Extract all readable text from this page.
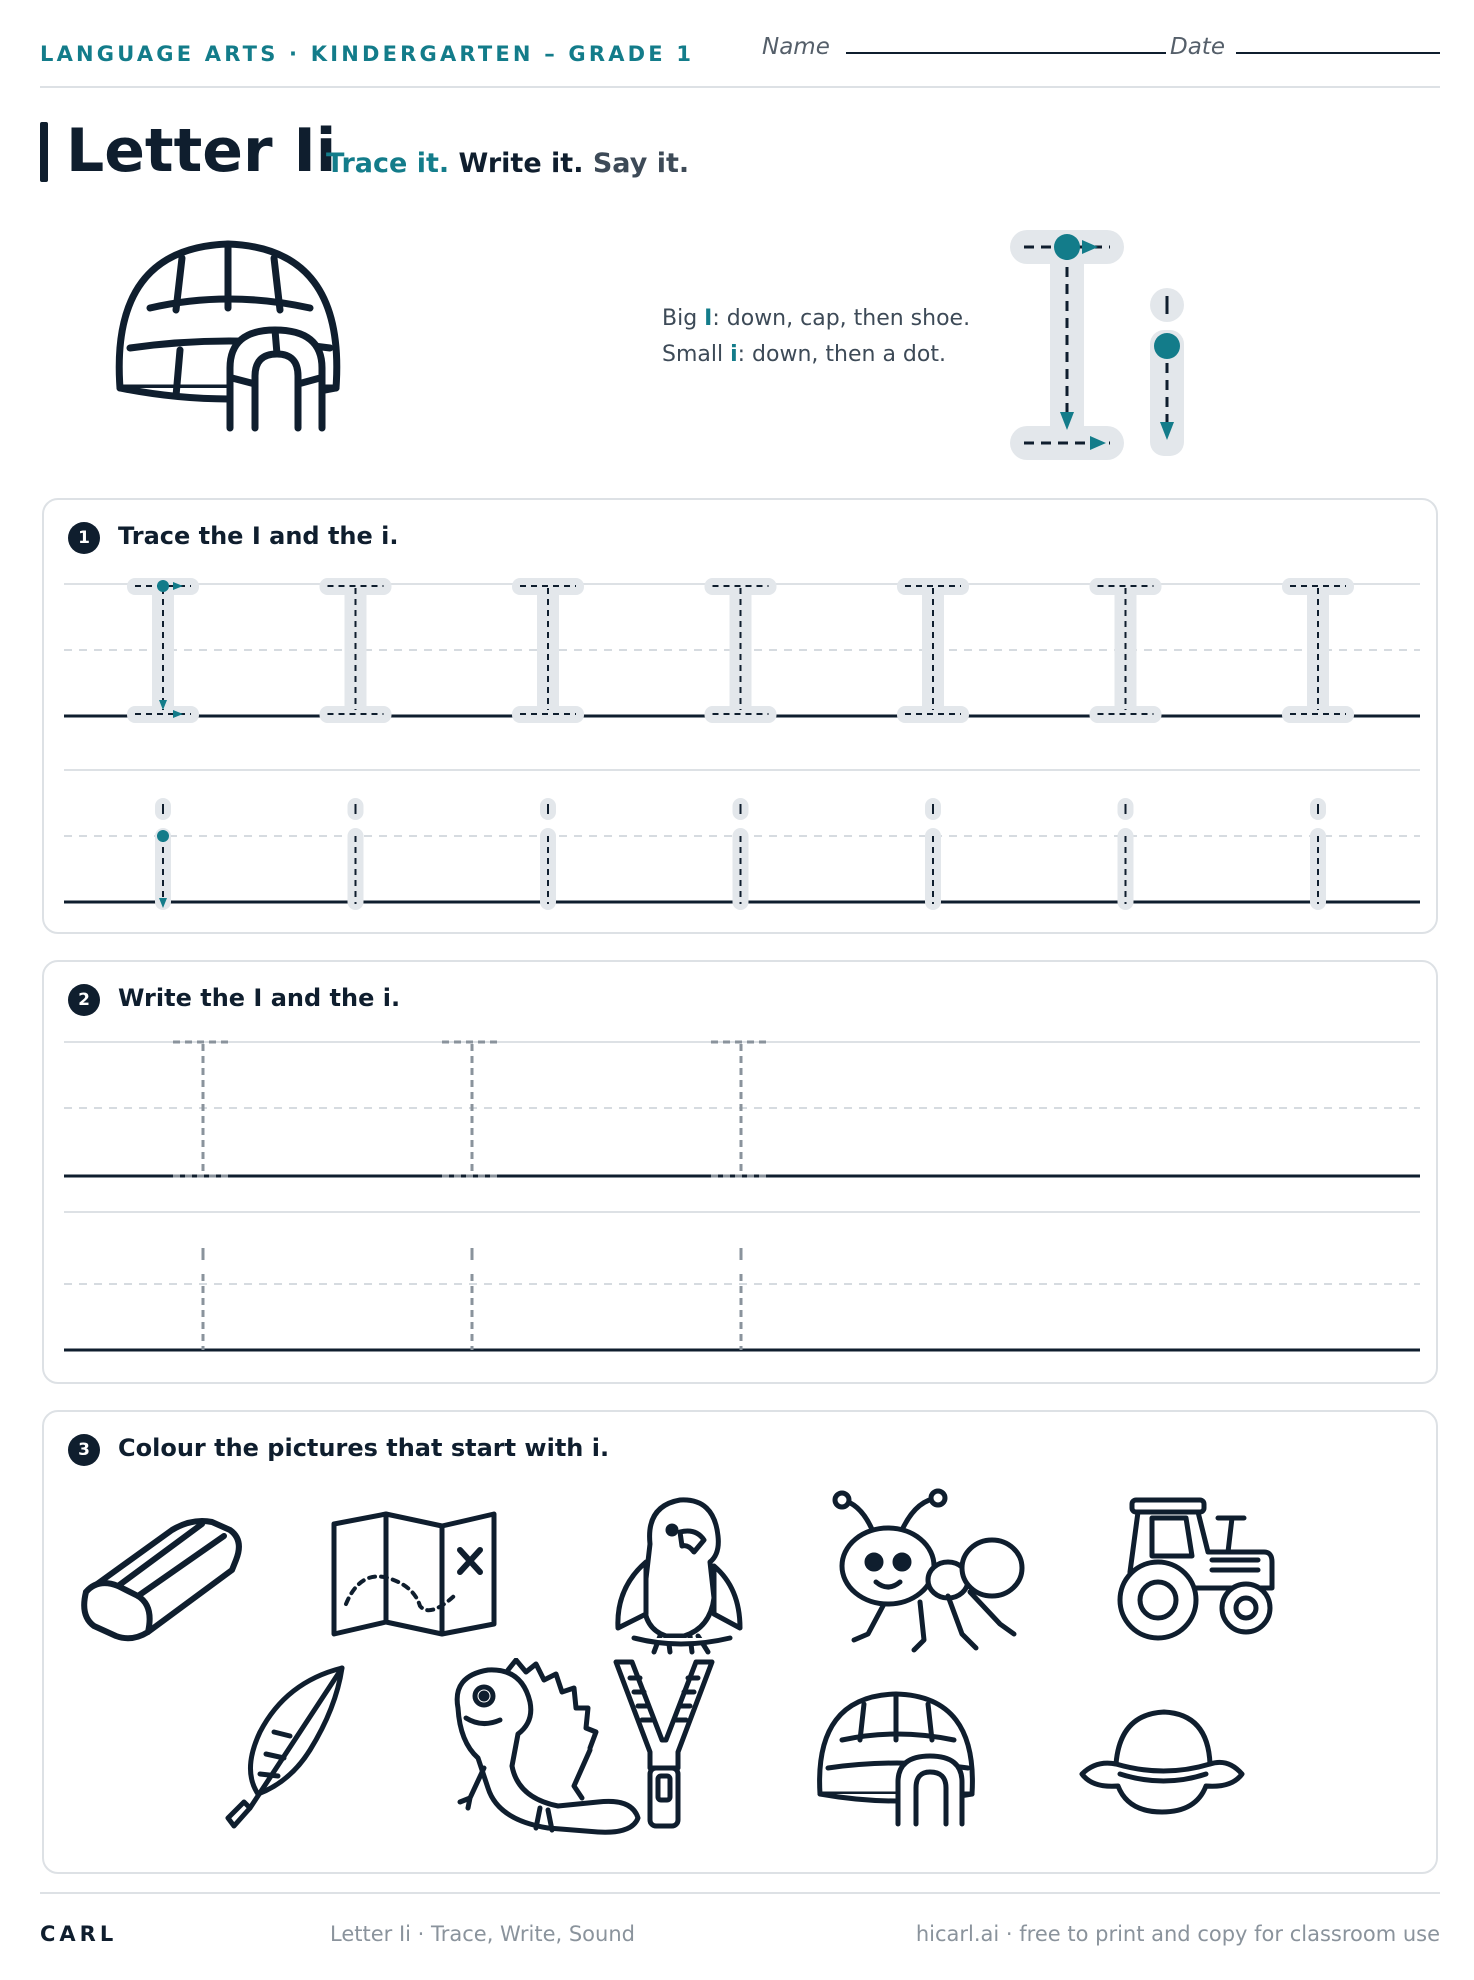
LANGUAGE ARTS · KINDERGARTEN – GRADE 1	Name	Date
Letter Ii
Trace it. Write it. Say it.
Big I: down, cap, then shoe.
Small i: down, then a dot.
1	Trace the I and the i.
2	Write the I and the i.
3	Colour the pictures that start with i.
CARL	Letter Ii · Trace, Write, Sound	hicarl.ai · free to print and copy for classroom use
